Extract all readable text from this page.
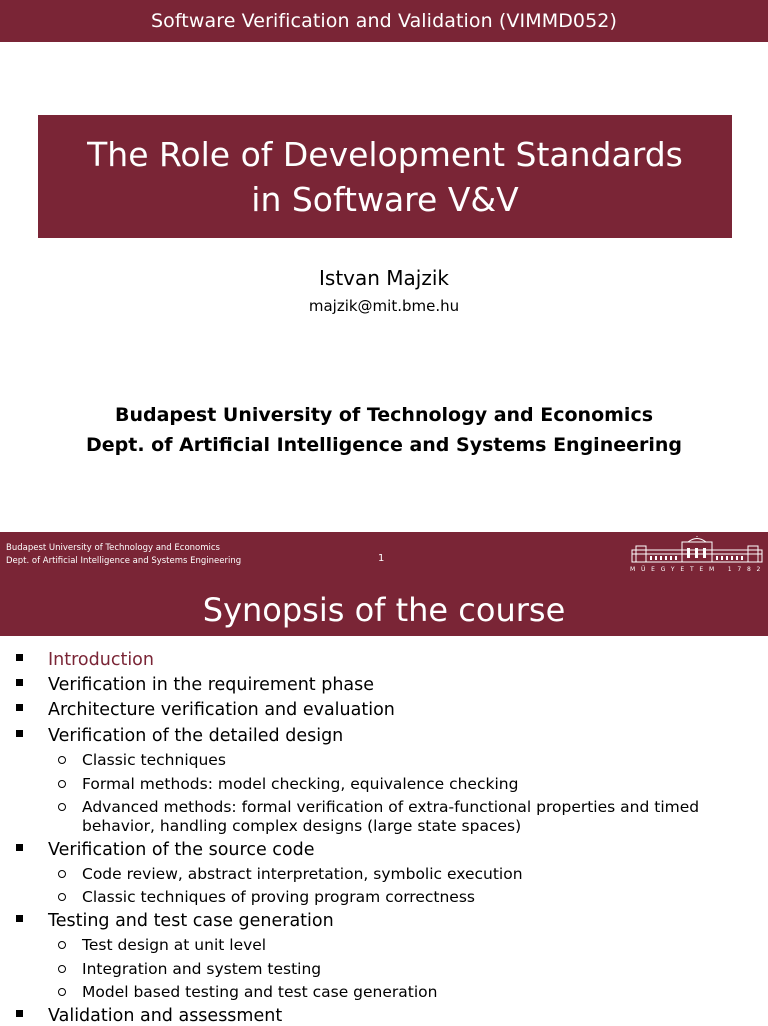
Software Verification and Validation (VIMMD052)
The Role of Development Standards
in Software V&V
Istvan Majzik
majzik@mit.bme.hu
Budapest University of Technology and Economics
Dept. of Artificial Intelligence and Systems Engineering
Budapest University of Technology and Economics
Dept. of Artificial Intelligence and Systems Engineering	1
MŰEGYETEM 1782
Synopsis of the course
Introduction
Verification in the requirement phase
Architecture verification and evaluation
Verification of the detailed design
Classic techniques
Formal methods: model checking, equivalence checking
Advanced methods: formal verification of extra-functional properties and timed
behavior, handling complex designs (large state spaces)
Verification of the source code
Code review, abstract interpretation, symbolic execution
Classic techniques of proving program correctness
Testing and test case generation
Test design at unit level
Integration and system testing
Model based testing and test case generation
Validation and assessment
